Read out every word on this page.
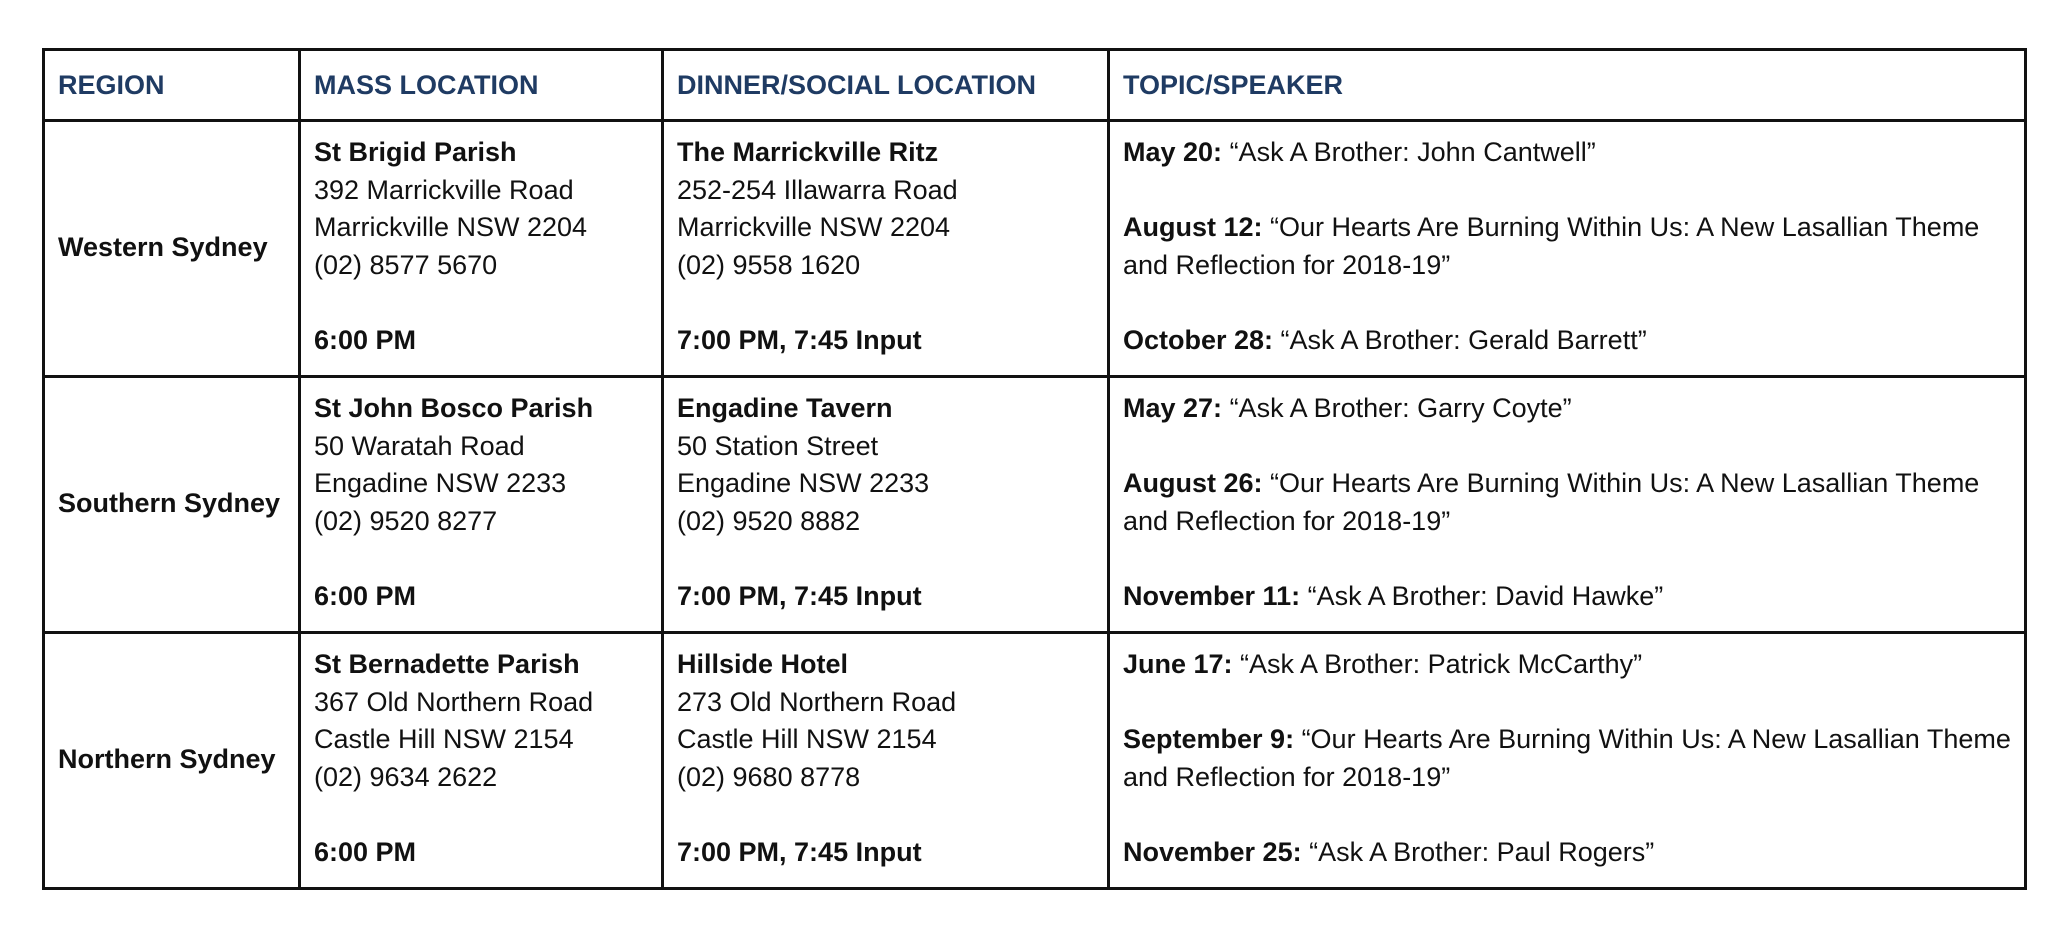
REGION	MASS LOCATION	DINNER/SOCIAL LOCATION	TOPIC/SPEAKER
Western Sydney	St Brigid Parish
392 Marrickville Road
Marrickville NSW 2204
(02) 8577 5670
6:00 PM	The Marrickville Ritz
252-254 Illawarra Road
Marrickville NSW 2204
(02) 9558 1620
7:00 PM, 7:45 Input	May 20: “Ask A Brother: John Cantwell”
August 12: “Our Hearts Are Burning Within Us: A New Lasallian Theme and Reflection for 2018-19”
October 28: “Ask A Brother: Gerald Barrett”

Southern Sydney	St John Bosco Parish
50 Waratah Road
Engadine NSW 2233
(02) 9520 8277
6:00 PM	Engadine Tavern
50 Station Street
Engadine NSW 2233
(02) 9520 8882
7:00 PM, 7:45 Input	May 27: “Ask A Brother: Garry Coyte”
August 26: “Our Hearts Are Burning Within Us: A New Lasallian Theme and Reflection for 2018-19”
November 11: “Ask A Brother: David Hawke”

Northern Sydney	St Bernadette Parish
367 Old Northern Road
Castle Hill NSW 2154
(02) 9634 2622
6:00 PM	Hillside Hotel
273 Old Northern Road
Castle Hill NSW 2154
(02) 9680 8778
7:00 PM, 7:45 Input	June 17: “Ask A Brother: Patrick McCarthy”
September 9: “Our Hearts Are Burning Within Us: A New Lasallian Theme and Reflection for 2018-19”
November 25: “Ask A Brother: Paul Rogers”
